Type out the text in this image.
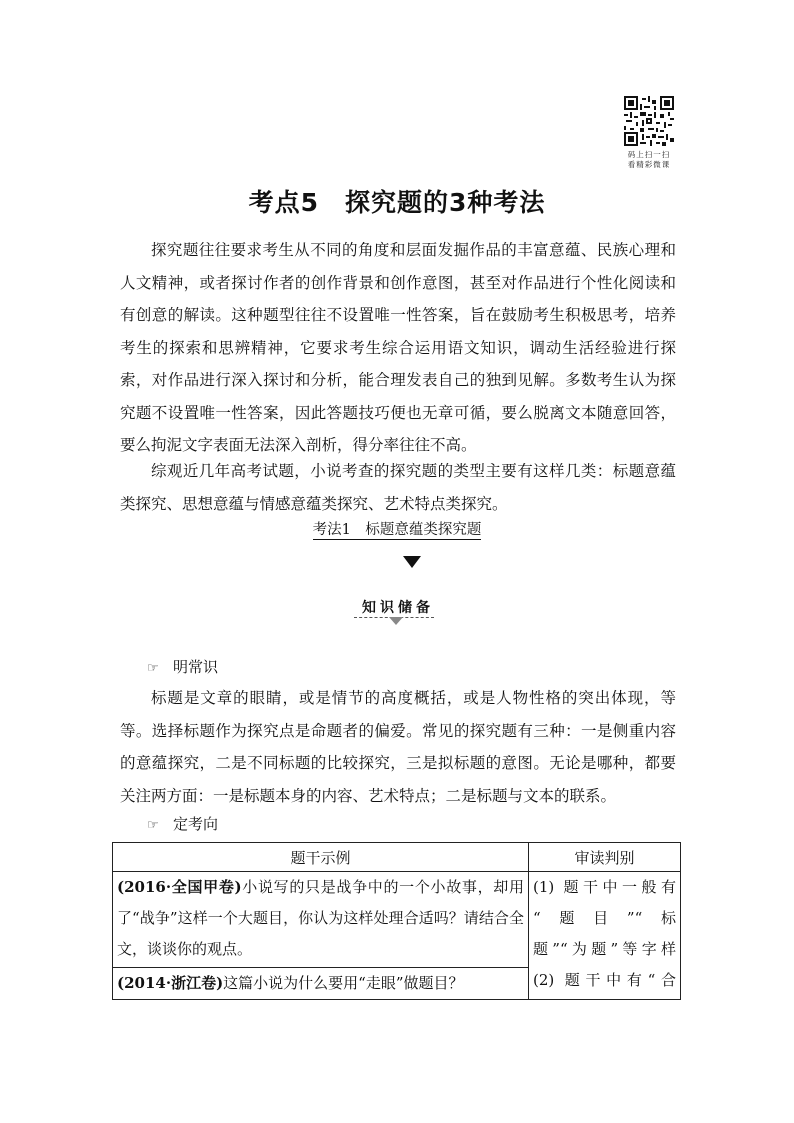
码上扫一扫
看精彩微课
考点5　探究题的3种考法

探究题往往要求考生从不同的角度和层面发掘作品的丰富意蕴、民族心理和人文精神，或者探讨作者的创作背景和创作意图，甚至对作品进行个性化阅读和有创意的解读。这种题型往往不设置唯一性答案，旨在鼓励考生积极思考，培养考生的探索和思辨精神，它要求考生综合运用语文知识，调动生活经验进行探索，对作品进行深入探讨和分析，能合理发表自己的独到见解。多数考生认为探究题不设置唯一性答案，因此答题技巧便也无章可循，要么脱离文本随意回答，要么拘泥文字表面无法深入剖析，得分率往往不高。

综观近几年高考试题，小说考查的探究题的类型主要有这样几类：标题意蕴类探究、思想意蕴与情感意蕴类探究、艺术特点类探究。

考法1　标题意蕴类探究题
知识储备
☞ 明常识

标题是文章的眼睛，或是情节的高度概括，或是人物性格的突出体现，等等。选择标题作为探究点是命题者的偏爱。常见的探究题有三种：一是侧重内容的意蕴探究，二是不同标题的比较探究，三是拟标题的意图。无论是哪种，都要关注两方面：一是标题本身的内容、艺术特点；二是标题与文本的联系。

☞ 定考向
题干示例	审读判别

(2016·全国甲卷)小说写的只是战争中的一个小故事，却用了“战争”这样一个大题目，你认为这样处理合适吗？请结合全文，谈谈你的观点。	(1) 题干中一般有
“题目”“标
题”“为题”等字样
(2) 题干中有“合

(2014·浙江卷)这篇小说为什么要用“走眼”做题目？	
